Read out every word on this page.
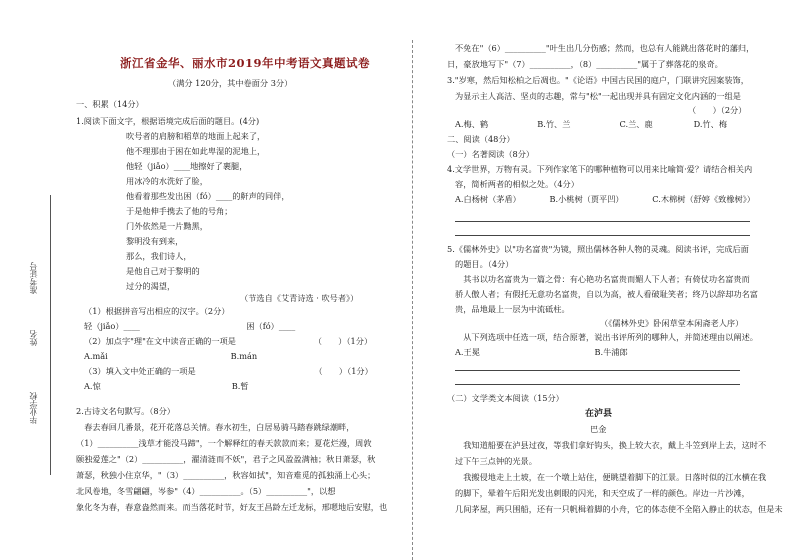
准考证号
姓名
毕业学校
浙江省金华、丽水市2019年中考语文真题试卷
（满分 120分，其中卷面分 3分）
一、积累（14分）
1.阅读下面文字，根据语境完成后面的题目。(4分)
吹号者的肩膀和稻草的地面上起来了，
他不理那由于困在如此卑湿的泥地上，
他轻（jiǎo）____地擦好了裹腿，
用冰冷的水洗好了脸，
他看着那些发出困（fó）____的鼾声的同伴，
于是他伸手携去了他的号角；
门外依然是一片黝黑，
黎明没有到来，
那么，我们诗人，
是他自己对于黎明的
过分的渴望，
（节选自《艾青诗选 · 吹号者》）
（1）根据拼音写出相应的汉字。（2分）
轻（jiǎo）____　　　　　　　　　　　　　困（fó）____
（2）加点字"理"在文中读音正确的一项是　　　　　　　　　　（　　）（1分）
A.mǎi　　　　　　　　　　　　　　　B.mán
（3）填入文中处正确的一项是　　　　　　　　　　　　　　　（　　）（1分）
A.惊　　　　　　　　　　　　　　　　B.暂
2.古诗文名句默写。（8分）
　春去春回几番景，花开花落总关情。春水初生，白居易骑马踏春跳绿潮畔，
（1）__________浅草才能没马蹄"，一个解释红的春天款款而来；夏花烂漫，周敦
颐独爱莲之"（2）__________，濯清涟而不妖"，君子之风盈盈满袖；秋日萧瑟，秋
萧瑟，秋独小住京华，"（3）__________，秋容如拭"，知音难觅的孤独涌上心头；
北风卷地，冬雪翩翩，岑参"（4）__________。（5）__________"，以想
象化冬为春，春意盎然而来。而当落花时节，好友王昌龄左迁龙标，邢嗯地后安慰，也
不免在"（6）__________"叶生出几分伤感；然而，也总有人能跳出落花时的藩归，
日，豪放地写下"（7）__________，（8）__________"属于了葬落花的泉奇。
3."岁寒，然后知松柏之后凋也。"《论语》中国古民国的庭户，门联讲究因案装饰，
为显示主人高洁、坚贞的志趣，常与"松"一起出现并具有固定文化内涵的一组是
（　　）（2分）
A.梅、鹤　　　　　　B.竹、兰　　　　　　C.兰、鹿　　　　　D.竹、梅
二、阅读（48分）
（一）名著阅读（8分）
4.文学世界，万物有灵。下列作家笔下的哪种植物可以用来比喻简·爱？请结合相关内
容，简析两者的相似之处。（4分）
A.白杨树（茅盾）　　　　B.小桃树（贾平凹）　　　　C.木棉树（舒婷《致橡树》）
5.《儒林外史》以"功名富贵"为镜，照出儒林各种人物的灵魂。阅读书评，完成后面
的题目。（4分）
　其书以功名富贵为一篇之骨：有心艳功名富贵而媚人下人者；有倚仗功名富贵而
骄人傲人者；有假托无意功名富贵，自以为高，被人看破耻笑者；终乃以辞却功名富
贵，品地最上一层为中流砥柱。
（《儒林外史》卧闲草堂本闲斋老人序）
　从下列选项中任选一项，结合原著，说出书评所列的哪种人，并简述理由以阐述。
A.王冕　　　　　　　　　　　　　　B.牛浦郎
（二）文学类文本阅读（15分）
在泸县
巴金
　我知道船要在泸县过夜，等我们拿好钩头，换上较大衣，戴上斗笠到岸上去，这时不
过下午三点钟的光景。
　我搬侵地走上土坡，在一个墩上站住，便眺望着脚下的江景。日落时似的江水横在我
的脚下，晕着午后阳光发出刺眼的闪光，和天空成了一样的颜色。岸边一片沙滩，
几间茅屋，两只围船，还有一只帆楫着脚的小舟，它的体态使不全陷入静止的状态，但是未
